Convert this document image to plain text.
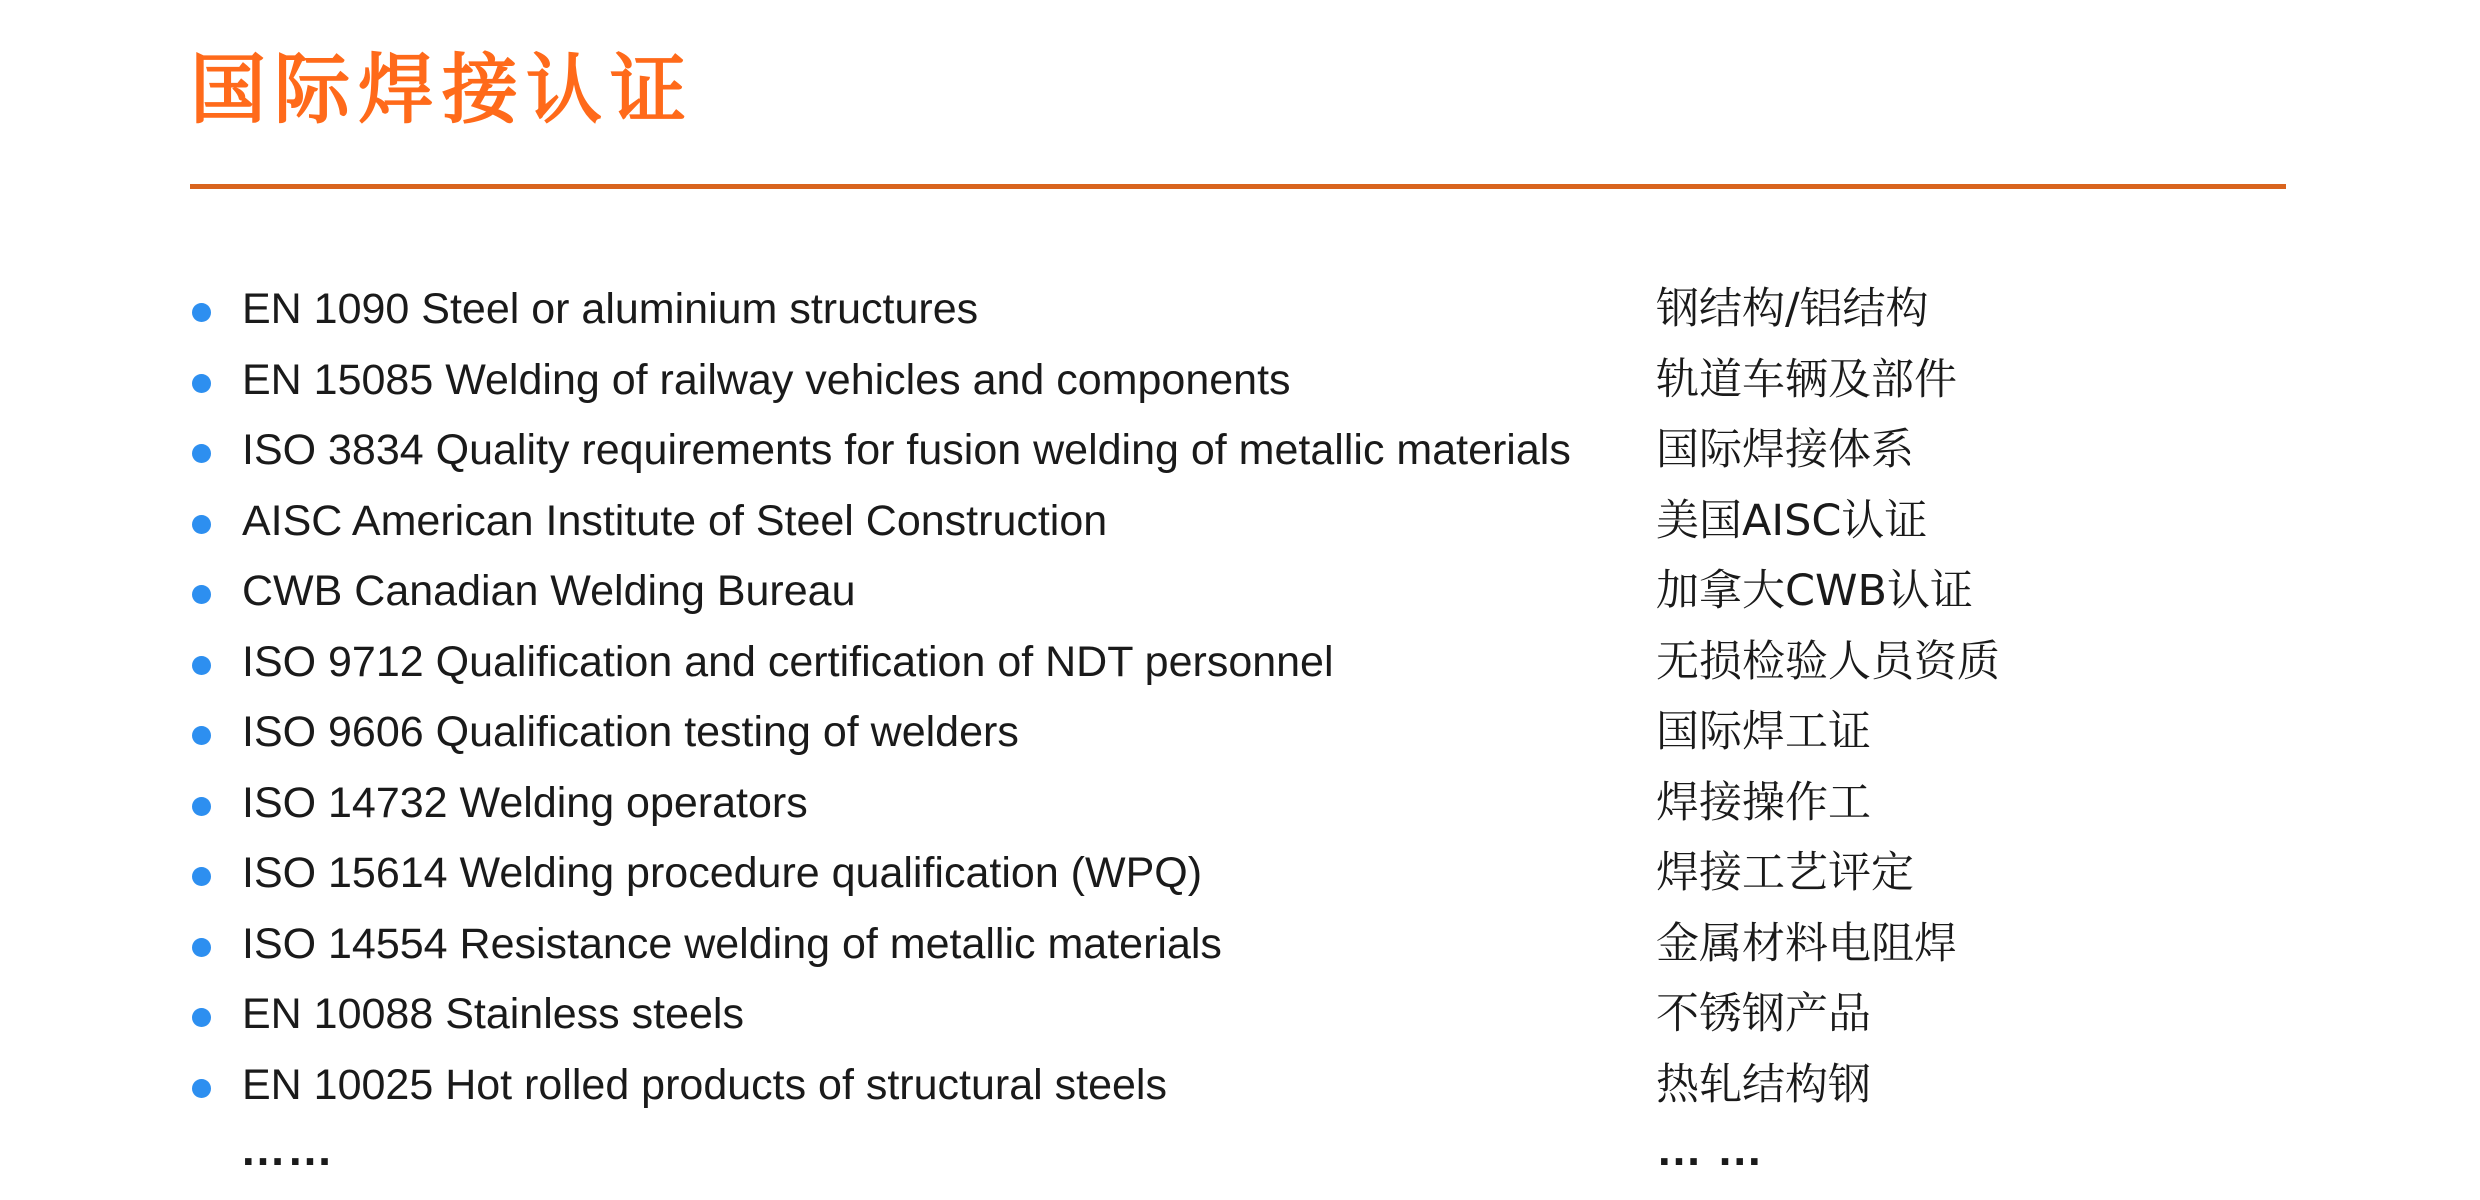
国际焊接认证
EN 1090 Steel or aluminium structures	钢结构/铝结构
EN 15085 Welding of railway vehicles and components	轨道车辆及部件
ISO 3834 Quality requirements for fusion welding of metallic materials 国际焊接体系
AISC American Institute of Steel Construction	美国AISC认证
CWB Canadian Welding Bureau	加拿大CWB认证
ISO 9712 Qualification and certification of NDT personnel	无损检验人员资质
ISO 9606 Qualification testing of welders	国际焊工证
ISO 14732 Welding operators	焊接操作工
ISO 15614 Welding procedure qualification (WPQ)	焊接工艺评定
ISO 14554 Resistance welding of metallic materials	金属材料电阻焊
EN 10088 Stainless steels	不锈钢产品
EN 10025 Hot rolled products of structural steels	热轧结构钢
……	… …
